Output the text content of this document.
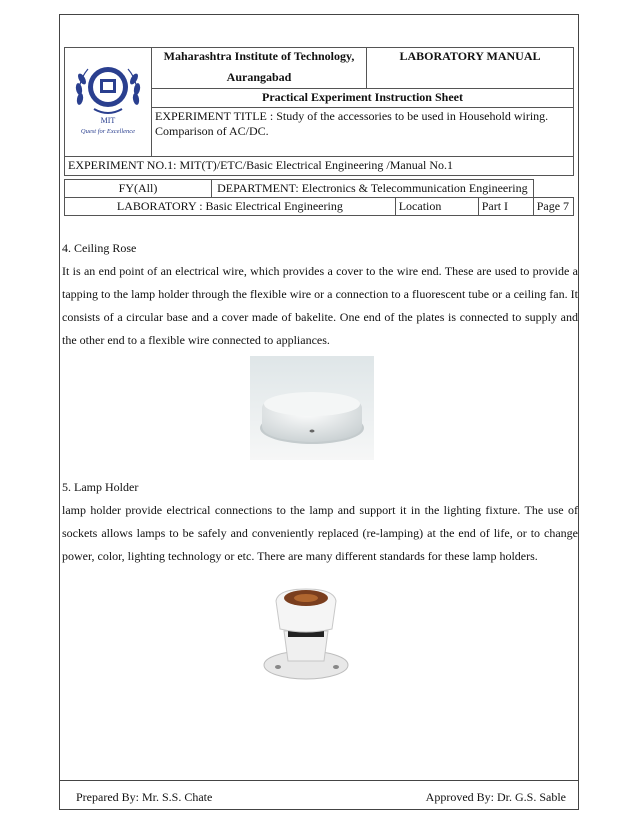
MIT
Quest for Excellence

Maharashtra Institute of Technology,
Aurangabad
	LABORATORY MANUAL
Practical Experiment Instruction Sheet
EXPERIMENT TITLE : Study of the accessories to be used in Household wiring. Comparison of AC/DC.
EXPERIMENT NO.1: MIT(T)/ETC/Basic Electrical Engineering /Manual No.1
FY(All)	DEPARTMENT: Electronics & Telecommunication Engineering			
LABORATORY : Basic Electrical Engineering		Location	Part I	Page 7
4. Ceiling Rose
It is an end point of an electrical wire, which provides a cover to the wire end. These are used to provide a tapping to the lamp holder through the flexible wire or a connection to a fluorescent tube or a ceiling fan. It consists of a circular base and a cover made of bakelite. One end of the plates is connected to supply and the other end to a flexible wire connected to appliances.
5. Lamp Holder
lamp holder provide electrical connections to the lamp and support it in the lighting fixture. The use of sockets allows lamps to be safely and conveniently replaced (re-lamping) at the end of life, or to change power, color, lighting technology or etc. There are many different standards for these lamp holders.
Prepared By: Mr. S.S. Chate	Approved By: Dr. G.S. Sable
